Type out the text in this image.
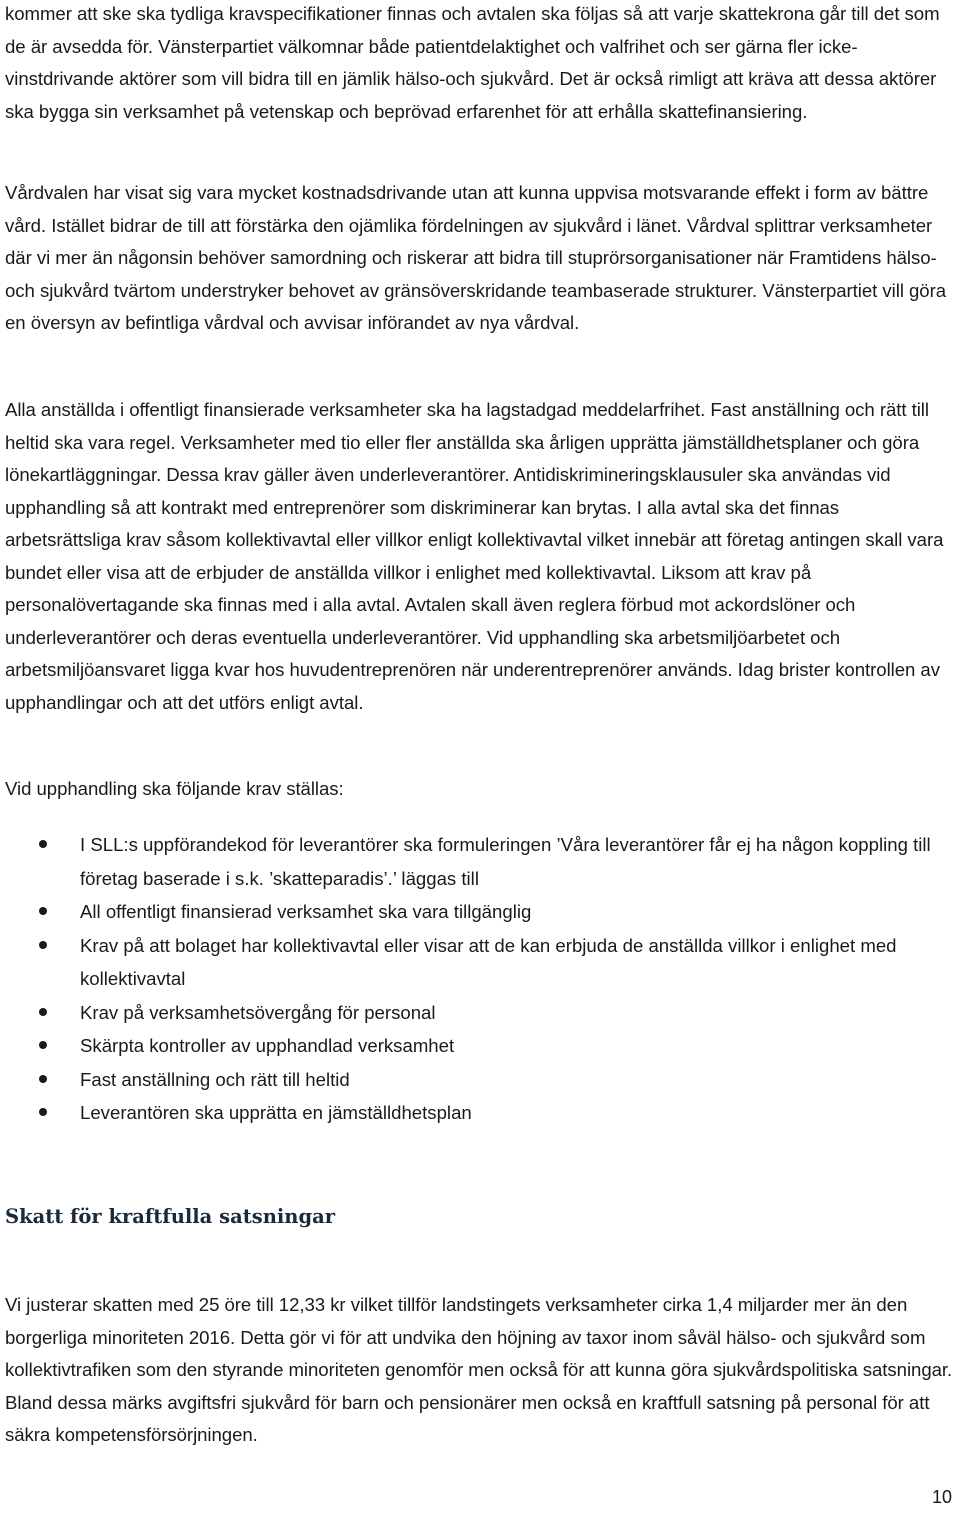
kommer att ske ska tydliga kravspecifikationer finnas och avtalen ska följas så att varje skattekrona går till det som de är avsedda för. Vänsterpartiet välkomnar både patientdelaktighet och valfrihet och ser gärna fler icke-vinstdrivande aktörer som vill bidra till en jämlik hälso-och sjukvård. Det är också rimligt att kräva att dessa aktörer ska bygga sin verksamhet på vetenskap och beprövad erfarenhet för att erhålla skattefinansiering.

Vårdvalen har visat sig vara mycket kostnadsdrivande utan att kunna uppvisa motsvarande effekt i form av bättre vård. Istället bidrar de till att förstärka den ojämlika fördelningen av sjukvård i länet. Vårdval splittrar verksamheter där vi mer än någonsin behöver samordning och riskerar att bidra till stuprörsorganisationer när Framtidens hälso- och sjukvård tvärtom understryker behovet av gränsöverskridande teambaserade strukturer. Vänsterpartiet vill göra en översyn av befintliga vårdval och avvisar införandet av nya vårdval.

Alla anställda i offentligt finansierade verksamheter ska ha lagstadgad meddelarfrihet. Fast anställning och rätt till heltid ska vara regel. Verksamheter med tio eller fler anställda ska årligen upprätta jämställdhetsplaner och göra lönekartläggningar. Dessa krav gäller även underleverantörer. Antidiskrimineringsklausuler ska användas vid upphandling så att kontrakt med entreprenörer som diskriminerar kan brytas. I alla avtal ska det finnas arbetsrättsliga krav såsom kollektivavtal eller villkor enligt kollektivavtal vilket innebär att företag antingen skall vara bundet eller visa att de erbjuder de anställda villkor i enlighet med kollektivavtal. Liksom att krav på personalövertagande ska finnas med i alla avtal. Avtalen skall även reglera förbud mot ackordslöner och underleverantörer och deras eventuella underleverantörer. Vid upphandling ska arbetsmiljöarbetet och arbetsmiljöansvaret ligga kvar hos huvudentreprenören när underentreprenörer används. Idag brister kontrollen av upphandlingar och att det utförs enligt avtal.

Vid upphandling ska följande krav ställas:

I SLL:s uppförandekod för leverantörer ska formuleringen ’Våra leverantörer får ej ha någon koppling till företag baserade i s.k. ’skatteparadis’.’ läggas till
All offentligt finansierad verksamhet ska vara tillgänglig
Krav på att bolaget har kollektivavtal eller visar att de kan erbjuda de anställda villkor i enlighet med kollektivavtal
Krav på verksamhetsövergång för personal
Skärpta kontroller av upphandlad verksamhet
Fast anställning och rätt till heltid
Leverantören ska upprätta en jämställdhetsplan
Skatt för kraftfulla satsningar

Vi justerar skatten med 25 öre till 12,33 kr vilket tillför landstingets verksamheter cirka 1,4 miljarder mer än den borgerliga minoriteten 2016. Detta gör vi för att undvika den höjning av taxor inom såväl hälso- och sjukvård som kollektivtrafiken som den styrande minoriteten genomför men också för att kunna göra sjukvårdspolitiska satsningar. Bland dessa märks avgiftsfri sjukvård för barn och pensionärer men också en kraftfull satsning på personal för att säkra kompetensförsörjningen.

10
